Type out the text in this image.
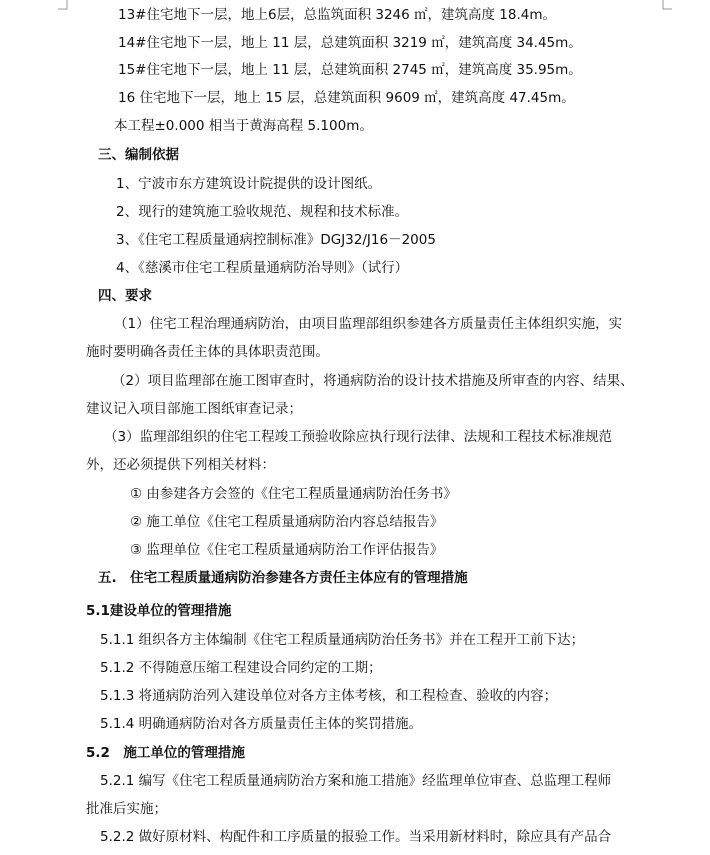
13#住宅地下一层，地上6层，总监筑面积 3246 ㎡，建筑高度 18.4m。
14#住宅地下一层，地上 11 层，总建筑面积 3219 ㎡，建筑高度 34.45m。
15#住宅地下一层，地上 11 层，总建筑面积 2745 ㎡，建筑高度 35.95m。
16 住宅地下一层，地上 15 层，总建筑面积 9609 ㎡，建筑高度 47.45m。
本工程±0.000 相当于黄海高程 5.100m。
三、编制依据
1、宁波市东方建筑设计院提供的设计图纸。
2、现行的建筑施工验收规范、规程和技术标准。
3、《住宅工程质量通病控制标准》DGJ32/J16－2005
4、《慈溪市住宅工程质量通病防治导则》（试行）
四、要求
（1）住宅工程治理通病防治，由项目监理部组织参建各方质量责任主体组织实施，实
施时要明确各责任主体的具体职责范围。
（2）项目监理部在施工图审查时，将通病防治的设计技术措施及所审查的内容、结果、
建议记入项目部施工图纸审查记录；
（3）监理部组织的住宅工程竣工预验收除应执行现行法律、法规和工程技术标准规范
外，还必须提供下列相关材料：
① 由参建各方会签的《住宅工程质量通病防治任务书》
② 施工单位《住宅工程质量通病防治内容总结报告》
③ 监理单位《住宅工程质量通病防治工作评估报告》
五.　住宅工程质量通病防治参建各方责任主体应有的管理措施
5.1建设单位的管理措施
5.1.1 组织各方主体编制《住宅工程质量通病防治任务书》并在工程开工前下达；
5.1.2 不得随意压缩工程建设合同约定的工期；
5.1.3 将通病防治列入建设单位对各方主体考核，和工程检查、验收的内容；
5.1.4 明确通病防治对各方质量责任主体的奖罚措施。
5.2　施工单位的管理措施
5.2.1 编写《住宅工程质量通病防治方案和施工措施》经监理单位审查、总监理工程师
批准后实施；
5.2.2 做好原材料、构配件和工序质量的报验工作。当采用新材料时，除应具有产品合
